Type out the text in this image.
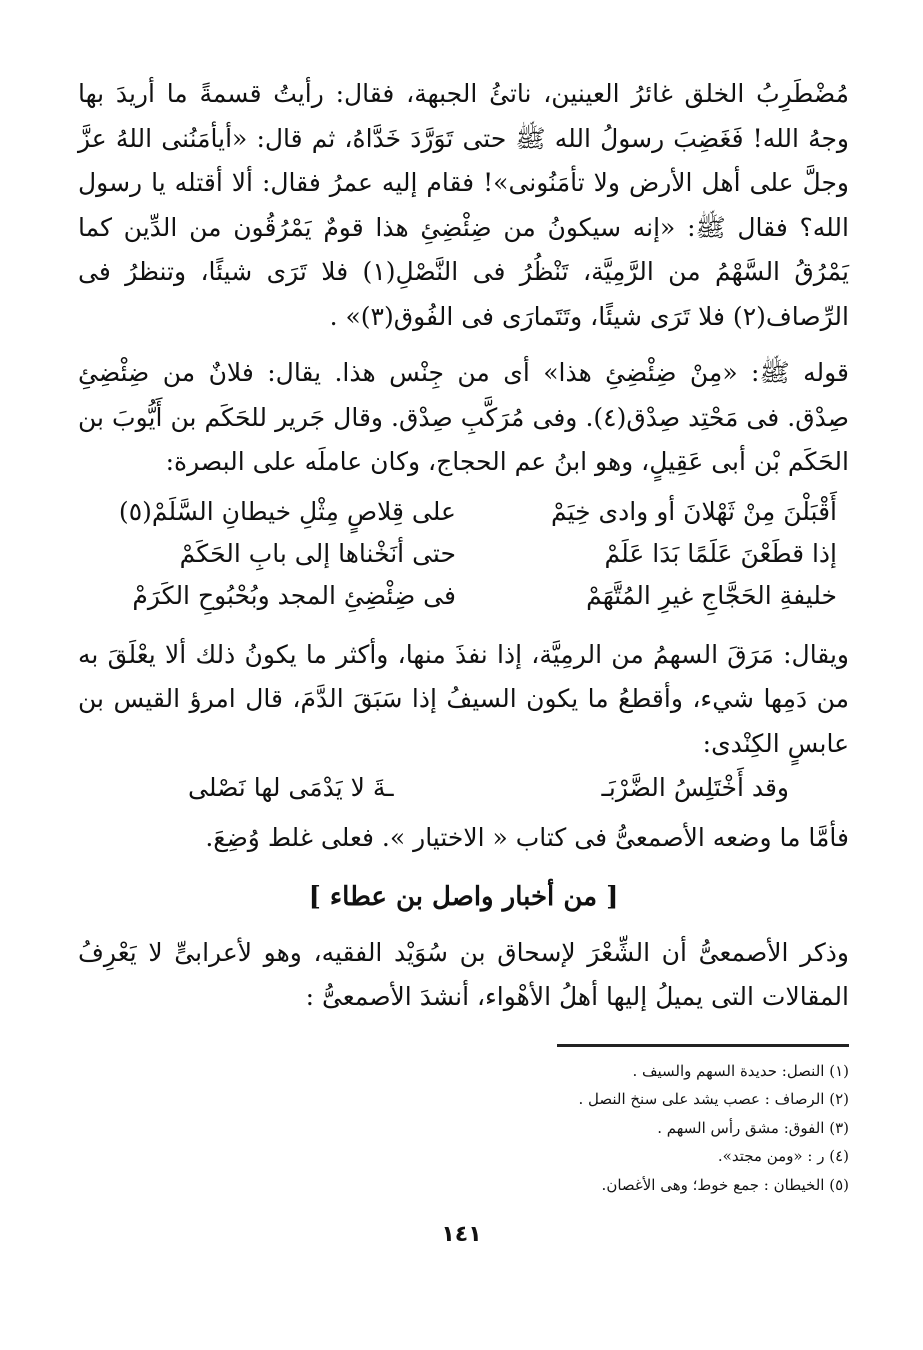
مُضْطَرِبُ الخلق غائرُ العينين، ناتئُ الجبهة، فقال: رأيتُ قسمةً ما أريدَ بها وجهُ الله! فَغَضِبَ رسولُ الله ﷺ حتى تَوَرَّدَ خَدَّاهُ، ثم قال: «أيأمَنُنى اللهُ عزَّ وجلَّ على أهل الأرض ولا تأمَنُونى»! فقام إليه عمرُ فقال: ألا أقتله يا رسول الله؟ فقال ﷺ: «إنه سيكونُ من ضِئْضِئِ هذا قومٌ يَمْرُقُون من الدِّين كما يَمْرُقُ السَّهْمُ من الرَّمِيَّة، تَنْظُرُ فى النَّصْلِ(١) فلا تَرَى شيئًا، وتنظرُ فى الرِّصاف(٢) فلا تَرَى شيئًا، وتَتَمارَى فى الفُوق(٣)» .

قوله ﷺ: «مِنْ ضِئْضِئِ هذا» أى من جِنْس هذا. يقال: فلانٌ من ضِئْضِئِ صِدْق. فى مَحْتِد صِدْق(٤). وفى مُرَكَّبِ صِدْق. وقال جَرير للحَكَم بن أَيُّوبَ بن الحَكَم بْن أبى عَقِيلٍ، وهو ابنُ عم الحجاج، وكان عاملَه على البصرة:

أَقْبَلْنَ مِنْ ثَهْلانَ أو وادى خِيَمْ
على قِلاصٍ مِثْلِ خيطانِ السَّلَمْ(٥)
إذا قطَعْنَ عَلَمًا بَدَا عَلَمْ
حتى أنَخْناها إلى بابِ الحَكَمْ
خليفةِ الحَجَّاجِ غيرِ المُتَّهَمْ
فى ضِئْضِئِ المجد وبُحْبُوحِ الكَرَمْ

ويقال: مَرَقَ السهمُ من الرمِيَّة، إذا نفذَ منها، وأكثر ما يكونُ ذلك ألا يعْلَقَ به من دَمِها شيء، وأقطعُ ما يكون السيفُ إذا سَبَقَ الدَّمَ، قال امرؤ القيس بن عابسٍ الكِنْدى:

وقد أَخْتَلِسُ الضَّرْبَـ
ـةَ لا يَدْمَى لها نَصْلى

فأمَّا ما وضعه الأصمعىُّ فى كتاب « الاختيار ». فعلى غلط وُضِعَ.

[ من أخبار واصل بن عطاء ]

وذكر الأصمعىُّ أن الشِّعْرَ لإسحاق بن سُوَيْد الفقيه، وهو لأعرابىٍّ لا يَعْرِفُ المقالات التى يميلُ إليها أهلُ الأهْواء، أنشدَ الأصمعىُّ :

(١) النصل: حديدة السهم والسيف .
(٢) الرصاف : عصب يشد على سنخ النصل .
(٣) الفوق: مشق رأس السهم .
(٤) ر : «ومن مجتد».
(٥) الخيطان : جمع خوط؛ وهى الأغصان.
١٤١
